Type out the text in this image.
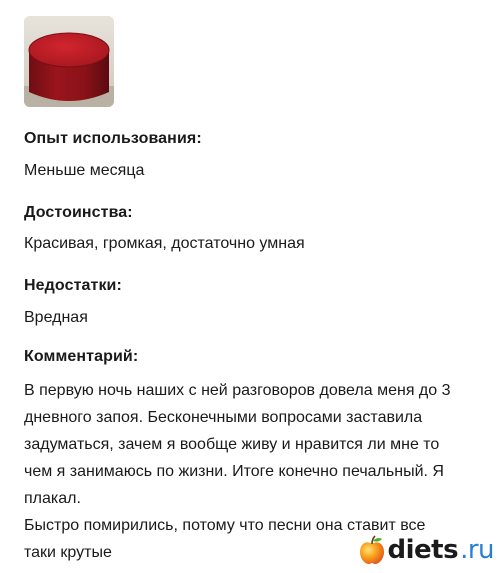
Опыт использования:
Меньше месяца
Достоинства:
Красивая, громкая, достаточно умная
Недостатки:
Вредная
Комментарий:
В первую ночь наших с ней разговоров довела меня до 3
дневного запоя. Бесконечными вопросами заставила
задуматься, зачем я вообще живу и нравится ли мне то
чем я занимаюсь по жизни. Итоге конечно печальный. Я
плакал.
Быстро помирились, потому что песни она ставит все
таки крутые	diets .ru
